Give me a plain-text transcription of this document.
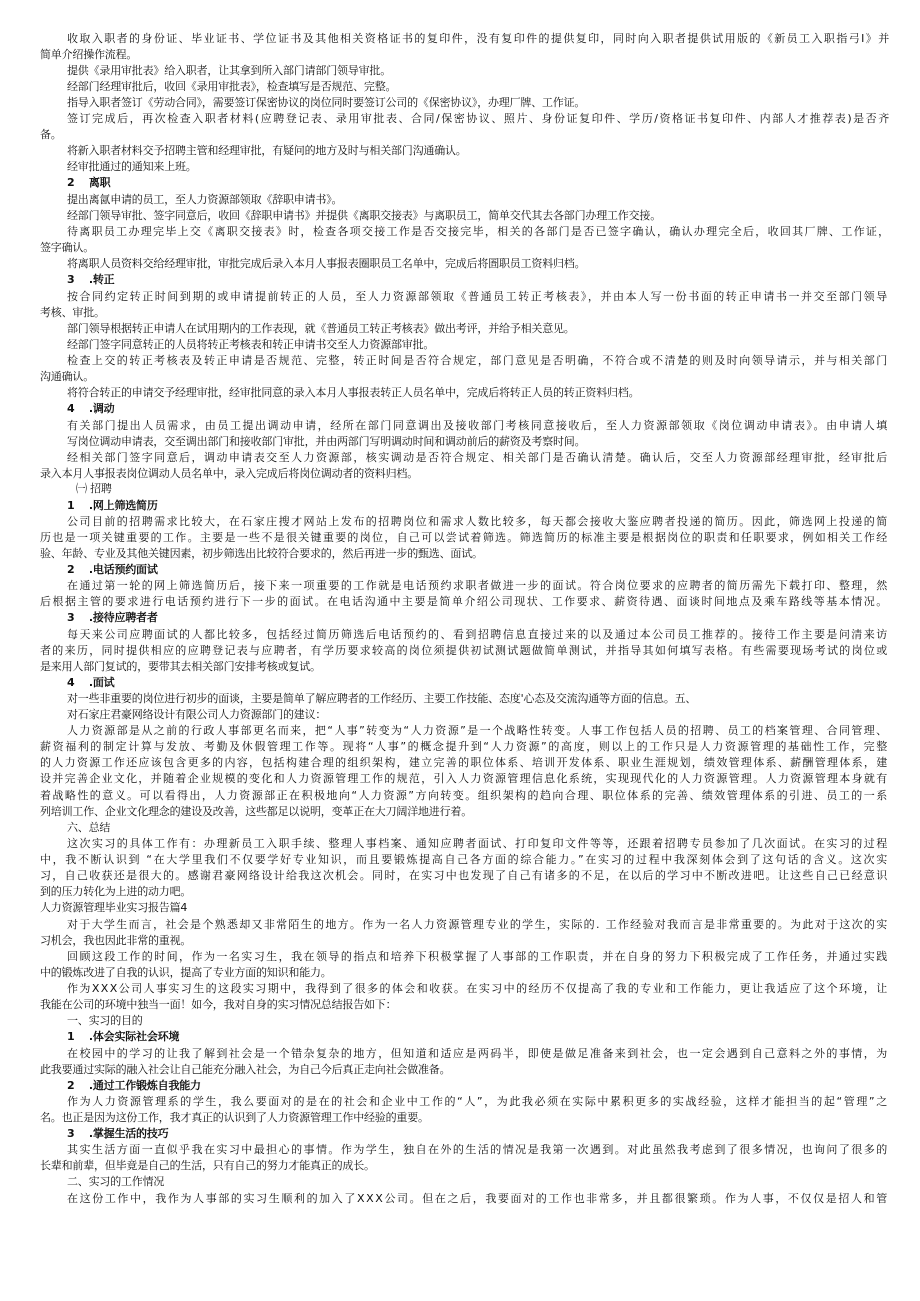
收取入职者的身份证、毕业证书、学位证书及其他相关资格证书的复印件，没有复印件的提供复印，同时向入职者提供试用版的《新员工入职指弓I》并
简单介绍操作流程。
提供《录用审批表》给入职者，让其拿到所入部门请部门领导审批。
经部门经理审批后，收回《录用审批表》，检查填写是否规范、完整。
指导入职者签订《劳动合同》，需要签订保密协议的岗位同时要签订公司的《保密协议》，办理厂牌、工作证。
签订完成后，再次检查入职者材料(应聘登记表、录用审批表、合同/保密协议、照片、身份证复印件、学历/资格证书复印件、内部人才推荐表)是否齐
备。
将新入职者材料交予招聘主管和经理审批，有疑问的地方及时与相关部门沟通确认。
经审批通过的通知来上班。
2　 离职
提出离氤申请的员工，至人力资源部领取《辞职申请书》。
经部门领导审批、签字同意后，收回《辞职申请书》并提供《离职交接表》与离职员工，简单交代其去各部门办理工作交接。
待离职员工办理完毕上交《离职交接表》时，检查各项交接工作是否交接完毕，相关的各部门是否已签字确认，确认办理完全后，收回其厂牌、工作证，
签字确认。
将离职人员资料交给经理审批，审批完成后录入本月人事报表圈职员工名单中，完成后将圄职员工资料归档。
3　 .转正
按合同约定转正时间到期的或申请提前转正的人员，至人力资源部领取《普通员工转正考核表》，并由本人写一份书面的转正申请书一并交至部门领导
考核、审批。
部门领导根据转正申请人在试用期内的工作表现，就《普通员工转正考核表》做出考评，并给予相关意见。
经部门签字同意转正的人员将转正考核表和转正申请书交至人力资源部审批。
检查上交的转正考核表及转正申请是否规范、完整，转正时间是否符合规定，部门意见是否明确，不符合或不清楚的则及时向领导请示，并与相关部门
沟通确认。
将符合转正的申请交予经理审批，经审批同意的录入本月人事报表转正人员名单中，完成后将转正人员的转正资料归档。
4　 .调动
有关部门提出人员需求，由员工提出调动申请，经所在部门同意调出及接收部门考核同意接收后，至人力资源部领取《岗位调动申请表》。由申请人填
写岗位调动申请表，交至调出部门和接收部门审批，并由两部门写明调动时间和调动前后的薪资及考察时间。
经相关部门签字同意后，调动申请表交至人力资源部，核实调动是否符合规定、相关部门是否确认清楚。确认后，交至人力资源部经理审批，经审批后
录入本月人事报表岗位调动人员名单中，录入完成后将岗位调动者的资料归档。
㈠ 招聘
1　 .网上筛选简历
公司目前的招聘需求比较大，在石家庄搜才网站上发布的招聘岗位和需求人数比较多，每天都会接收大鉴应聘者投递的简历。因此，筛选网上投递的简
历也是一项关键重要的工作。主要是一些不是很关键重要的岗位，自己可以尝试着筛选。筛选简历的标准主要是根据岗位的职责和任职要求，例如相关工作经
验、年龄、专业及其他关键因素，初步筛选出比较符合要求的，然后再进一步的甄选、面试。
2　 .电话预约面试
在通过第一轮的网上筛选简历后，接下来一项重要的工作就是电话预约求职者做进一步的面试。符合岗位要求的应聘者的简历需先下载打印、整理，然
后根据主管的要求进行电话预约进行下一步的面试。在电话沟通中主要是简单介绍公司现状、工作要求、薪资待遇、面谈时间地点及乘车路线等基本情况。
3　 .接待应聘者者
每天来公司应聘面试的人都比较多，包括经过简历筛选后电话预约的、看到招聘信息直接过来的以及通过本公司员工推荐的。接待工作主要是问清来访
者的来历，同时提供相应的应聘登记表与应聘者，有学历要求较高的岗位须提供初试测试题做简单测试，并指导其如何填写表格。有些需要现场考试的岗位或
是来用人部门复试的，要带其去相关部门安排考核或复试。
4　 .面试
对一些非重要的岗位进行初步的面谈，主要是简单了解应聘者的工作经历、主要工作技能、态度'心态及交流沟通等方面的信息。五、
对石家庄君豪网络设计有限公司人力资源部门的建议：
人力资源部是从之前的行政人事部更名而来，把“人事”转变为“人力资源”是一个战略性转变。人事工作包括人员的招聘、员工的档案管理、合同管理、
薪资福利的制定计算与发放、考勤及休假管理工作等。现将“人事”的概念提升到“人力资源”的高度，则以上的工作只是人力资源管理的基础性工作，完整
的人力资源工作还应该包含更多的内容，包括构建合理的组织架构，建立完善的职位体系、培训开发体系、职业生涯规划，绩效管理体系、薪酬管理体系，建
设并完善企业文化，并随着企业规模的变化和人力资源管理工作的规范，引入人力资源管理信息化系统，实现现代化的人力资源管理。人力资源管理本身就有
着战略性的意义。可以看得出，人力资源部正在积极地向“人力资源”方向转变。组织架构的趋向合理、职位体系的完善、绩效管理体系的引进、员工的一系
列培训工作、企业文化理念的建设及改善，这些都足以说明，变革正在大刀阔洋地进行着。
六、总结
这次实习的具体工作有：办理新员工入职手续、整理人事档案、通知应聘者面试、打印复印文件等等，还跟着招聘专员参加了几次面试。在实习的过程
中，我不断认识到 “在大学里我们不仅要学好专业知识，而且要锻炼提高自己各方面的综合能力。”在实习的过程中我深刻体会到了这句话的含义。这次实
习，自己收获还是很大的。感谢君豪网络设计给我这次机会。同时，在实习中也发现了自己有诸多的不足，在以后的学习中不断改进吧。让这些自己已经意识
到的压力转化为上进的动力吧。
人力资源管理毕业实习报告篇4
对于大学生而言，社会是个熟悉却又非常陌生的地方。作为一名人力资源管理专业的学生，实际的. 工作经验对我而言是非常重要的。为此对于这次的实
习机会，我也因此非常的重视。
回顾这段工作的时间，作为一名实习生，我在领导的指点和培养下积极掌握了人事部的工作职责，并在自身的努力下积极完成了工作任务，并通过实践
中的锻炼改进了自我的认识，提高了专业方面的知识和能力。
作为XXX公司人事实习生的这段实习期中，我得到了很多的体会和收获。在实习中的经历不仅提高了我的专业和工作能力，更让我适应了这个环境，让
我能在公司的环境中独当一面！如今，我对自身的实习情况总结报告如下：
一、实习的目的
1　 .体会实际社会环境
在校园中的学习的让我了解到社会是一个错杂复杂的地方，但知道和适应是两码半，即使是做足准备来到社会，也一定会遇到自己意料之外的事情，为
此我要通过实际的融入社会让自己能充分融入社会，为自己今后真正走向社会做准备。
2　 .通过工作锻炼自我能力
作为人力资源管理系的学生，我么要面对的是在的社会和企业中工作的“人”，为此我必须在实际中累积更多的实战经验，这样才能担当的起“管理”之
名。也正是因为这份工作，我才真正的认识到了人力资源管理工作中经验的重要。
3　 .掌握生活的技巧
其实生活方面一直似乎我在实习中最担心的事情。作为学生，独自在外的生活的情况是我第一次遇到。对此虽然我考虑到了很多情况，也询问了很多的
长辈和前辈，但毕竟是自己的生活，只有自己的努力才能真正的成长。
二、实习的工作情况
在这份工作中，我作为人事部的实习生顺利的加入了XXX公司。但在之后，我要面对的工作也非常多，并且都很繁琐。作为人事，不仅仅是招人和管
